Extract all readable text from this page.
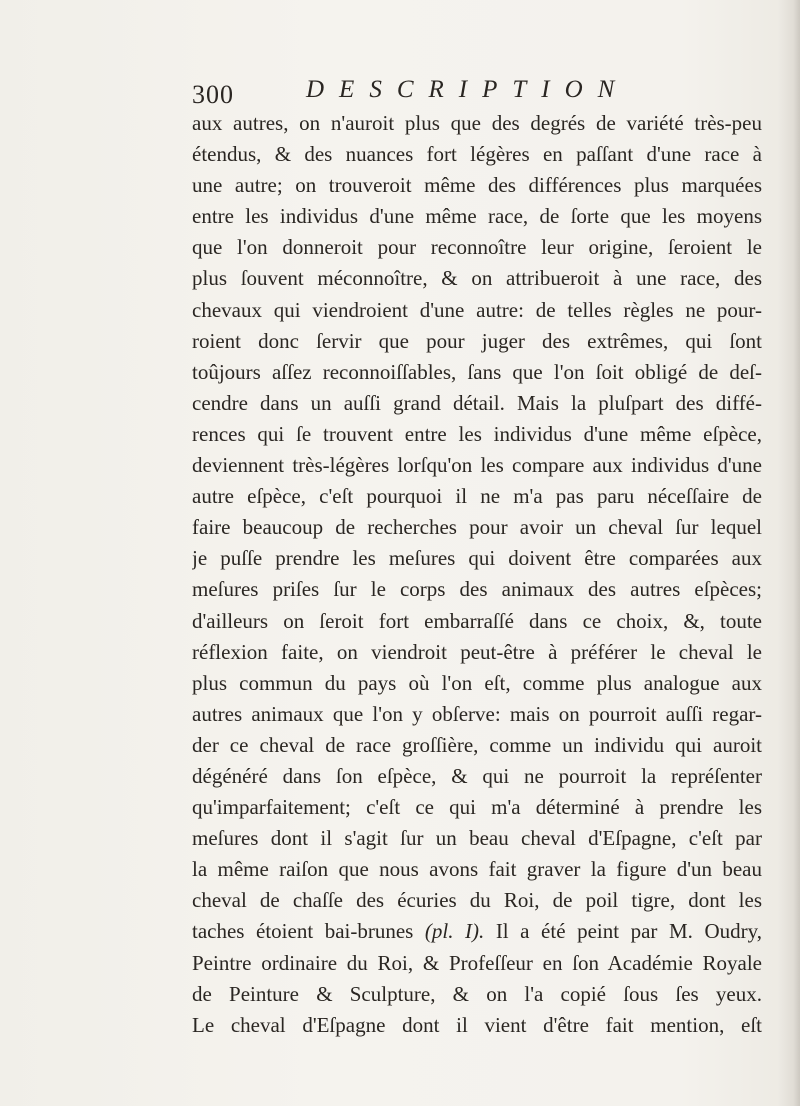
300	DESCRIPTION
aux autres, on n'auroit plus que des degrés de variété très-peu
étendus, & des nuances fort légères en paſſant d'une race à
une autre; on trouveroit même des différences plus marquées
entre les individus d'une même race, de ſorte que les moyens
que l'on donneroit pour reconnoître leur origine, ſeroient le
plus ſouvent méconnoître, & on attribueroit à une race, des
chevaux qui viendroient d'une autre: de telles règles ne pour-
roient donc ſervir que pour juger des extrêmes, qui ſont
toûjours aſſez reconnoiſſables, ſans que l'on ſoit obligé de deſ-
cendre dans un auſſi grand détail. Mais la pluſpart des diffé-
rences qui ſe trouvent entre les individus d'une même eſpèce,
deviennent très-légères lorſqu'on les compare aux individus d'une
autre eſpèce, c'eſt pourquoi il ne m'a pas paru néceſſaire de
faire beaucoup de recherches pour avoir un cheval ſur lequel
je puſſe prendre les meſures qui doivent être comparées aux
meſures priſes ſur le corps des animaux des autres eſpèces;
d'ailleurs on ſeroit fort embarraſſé dans ce choix, &, toute
réflexion faite, on viendroit peut-être à préférer le cheval le
plus commun du pays où l'on eſt, comme plus analogue aux
autres animaux que l'on y obſerve: mais on pourroit auſſi regar-
der ce cheval de race groſſière, comme un individu qui auroit
dégénéré dans ſon eſpèce, & qui ne pourroit la repréſenter
qu'imparfaitement; c'eſt ce qui m'a déterminé à prendre les
meſures dont il s'agit ſur un beau cheval d'Eſpagne, c'eſt par
la même raiſon que nous avons fait graver la figure d'un beau
cheval de chaſſe des écuries du Roi, de poil tigre, dont les
taches étoient bai-brunes (pl. I). Il a été peint par M. Oudry,
Peintre ordinaire du Roi, & Profeſſeur en ſon Académie Royale
de Peinture & Sculpture, & on l'a copié ſous ſes yeux.
Le cheval d'Eſpagne dont il vient d'être fait mention, eſt
